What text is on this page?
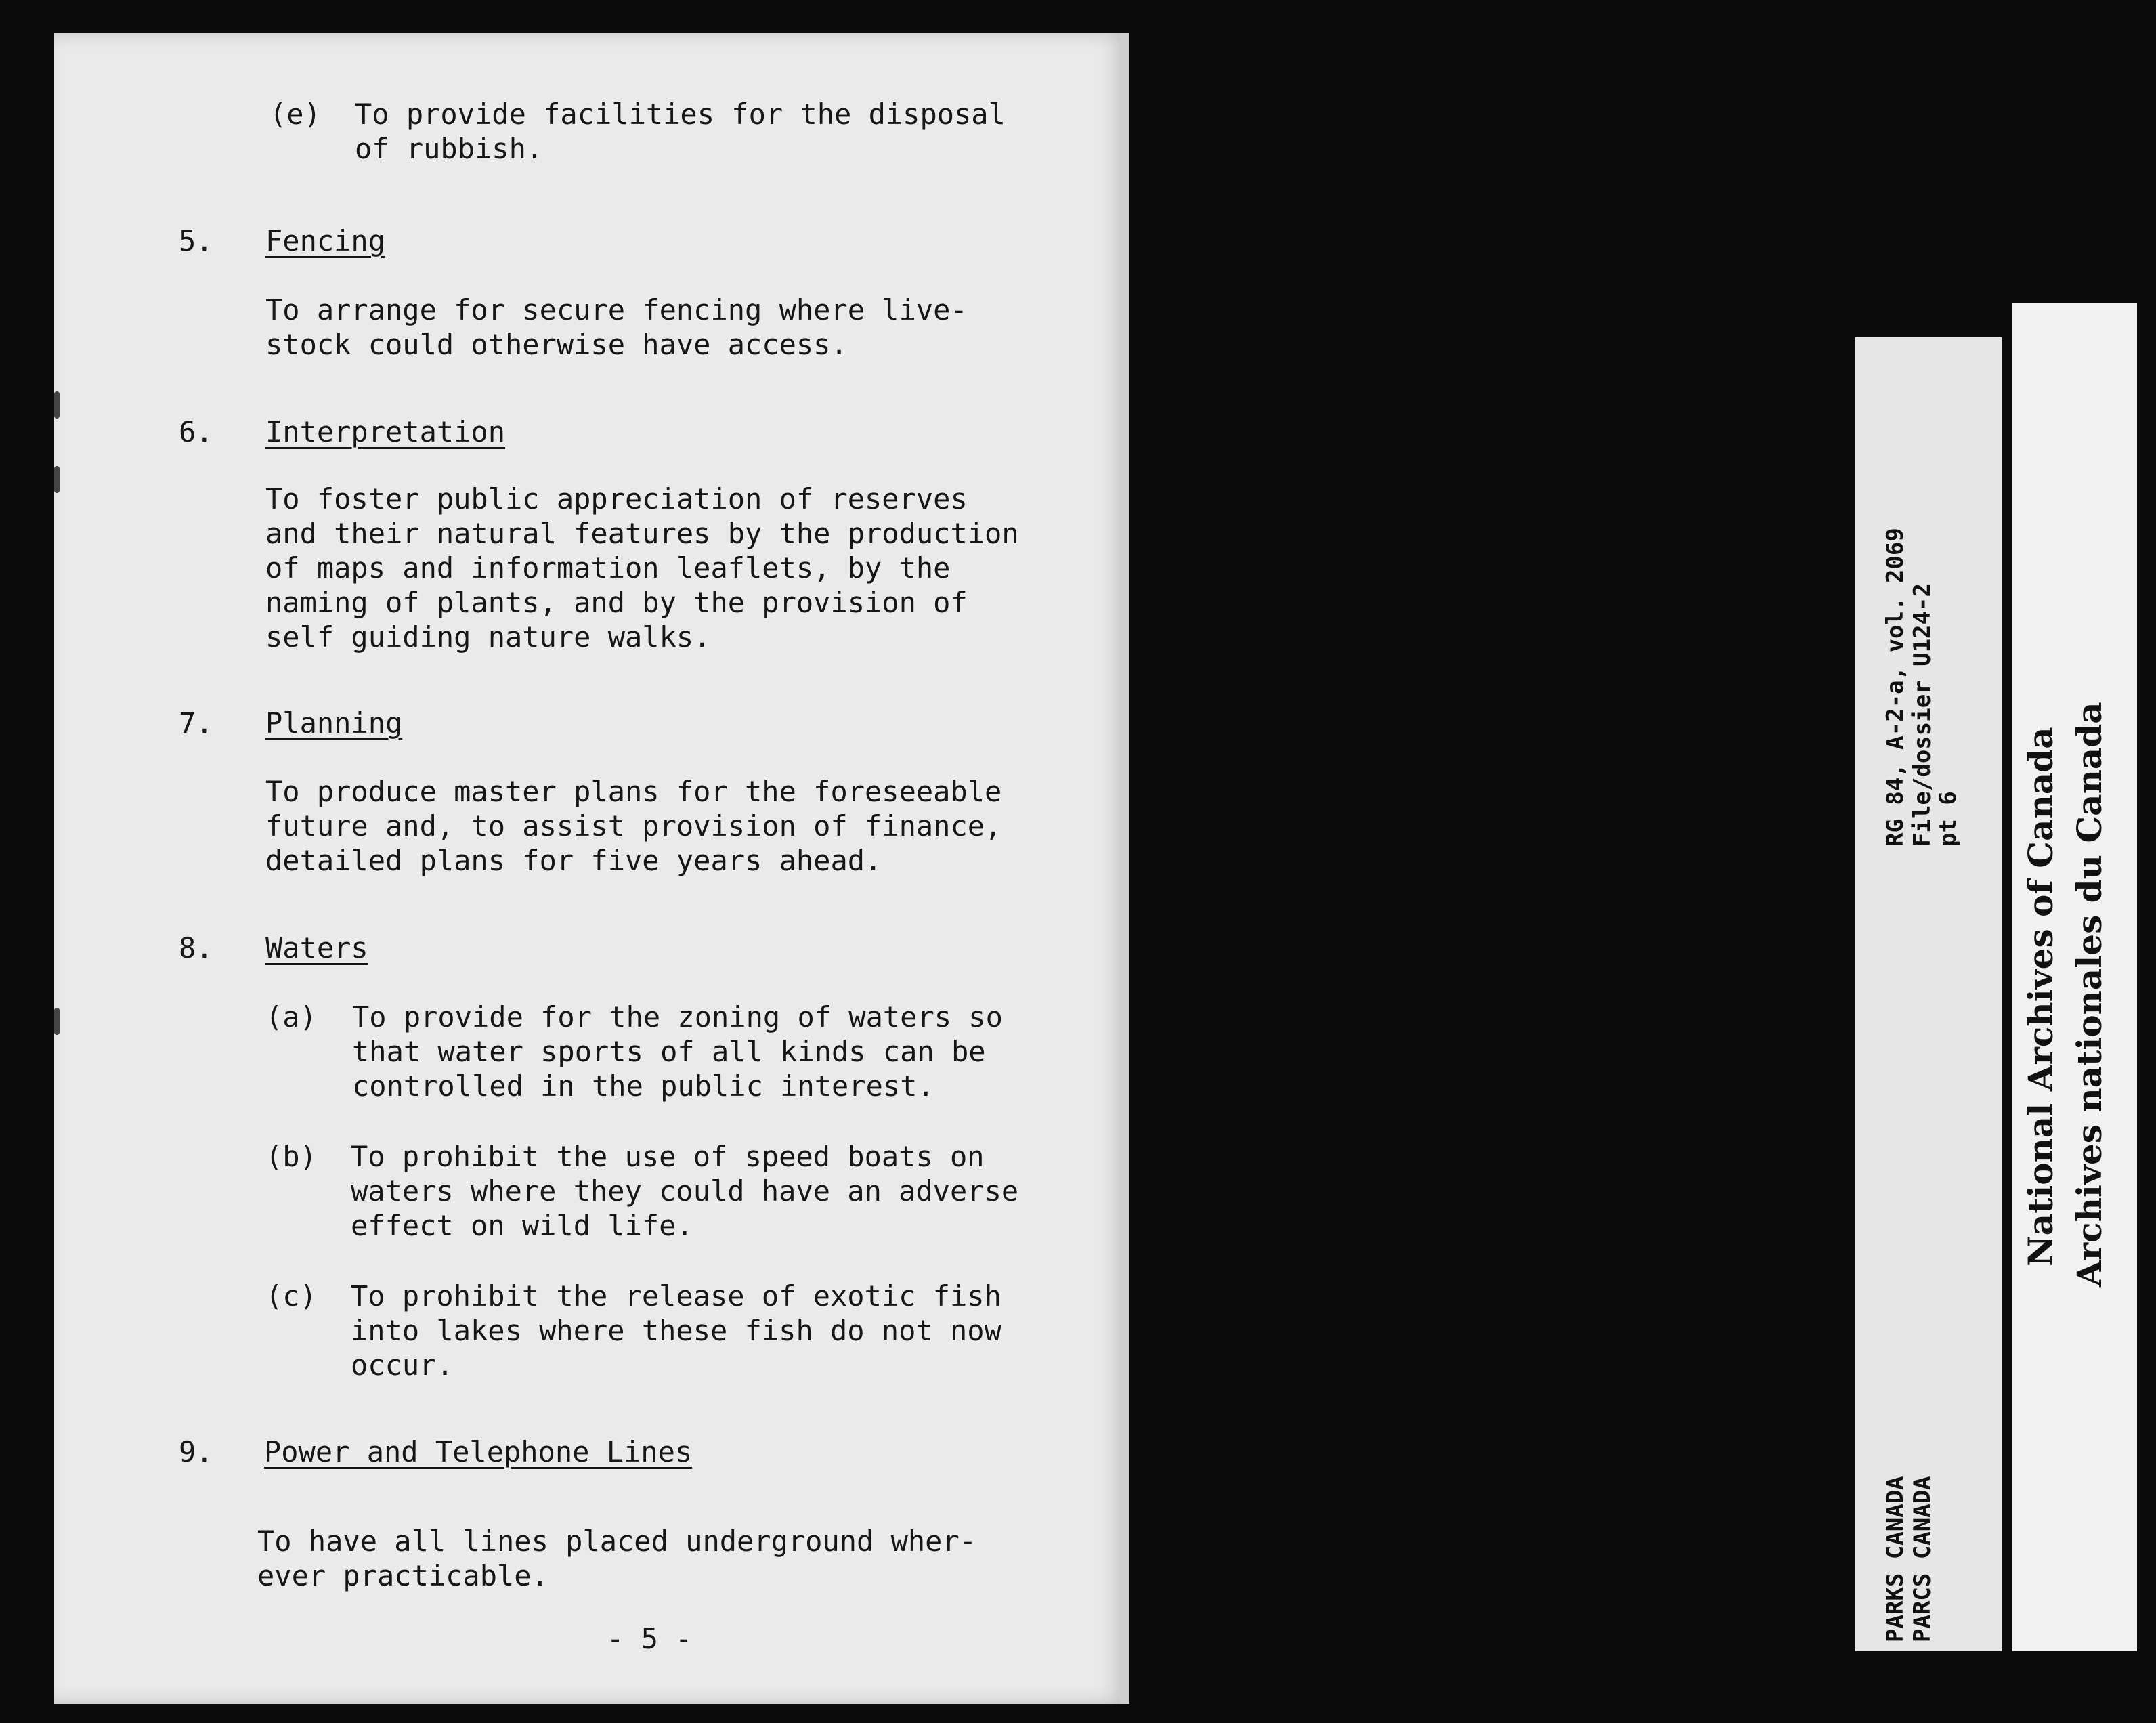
(e) To provide facilities for the disposal
of rubbish.
5. Fencing
To arrange for secure fencing where live-
stock could otherwise have access.
6. Interpretation
To foster public appreciation of reserves
and their natural features by the production
of maps and information leaflets, by the
naming of plants, and by the provision of
self guiding nature walks.
7. Planning
To produce master plans for the foreseeable
future and, to assist provision of finance,
detailed plans for five years ahead.
8. Waters
(a) To provide for the zoning of waters so
that water sports of all kinds can be
controlled in the public interest.
(b) To prohibit the use of speed boats on
waters where they could have an adverse
effect on wild life.
(c) To prohibit the release of exotic fish
into lakes where these fish do not now
occur.
9. Power and Telephone Lines
To have all lines placed underground wher-
ever practicable.
- 5 -
RG 84, A-2-a, vol. 2069 File/dossier U124-2
pt 6
PARKS CANADA PARCS CANADA
National Archives of Canada Archives nationales du Canada
